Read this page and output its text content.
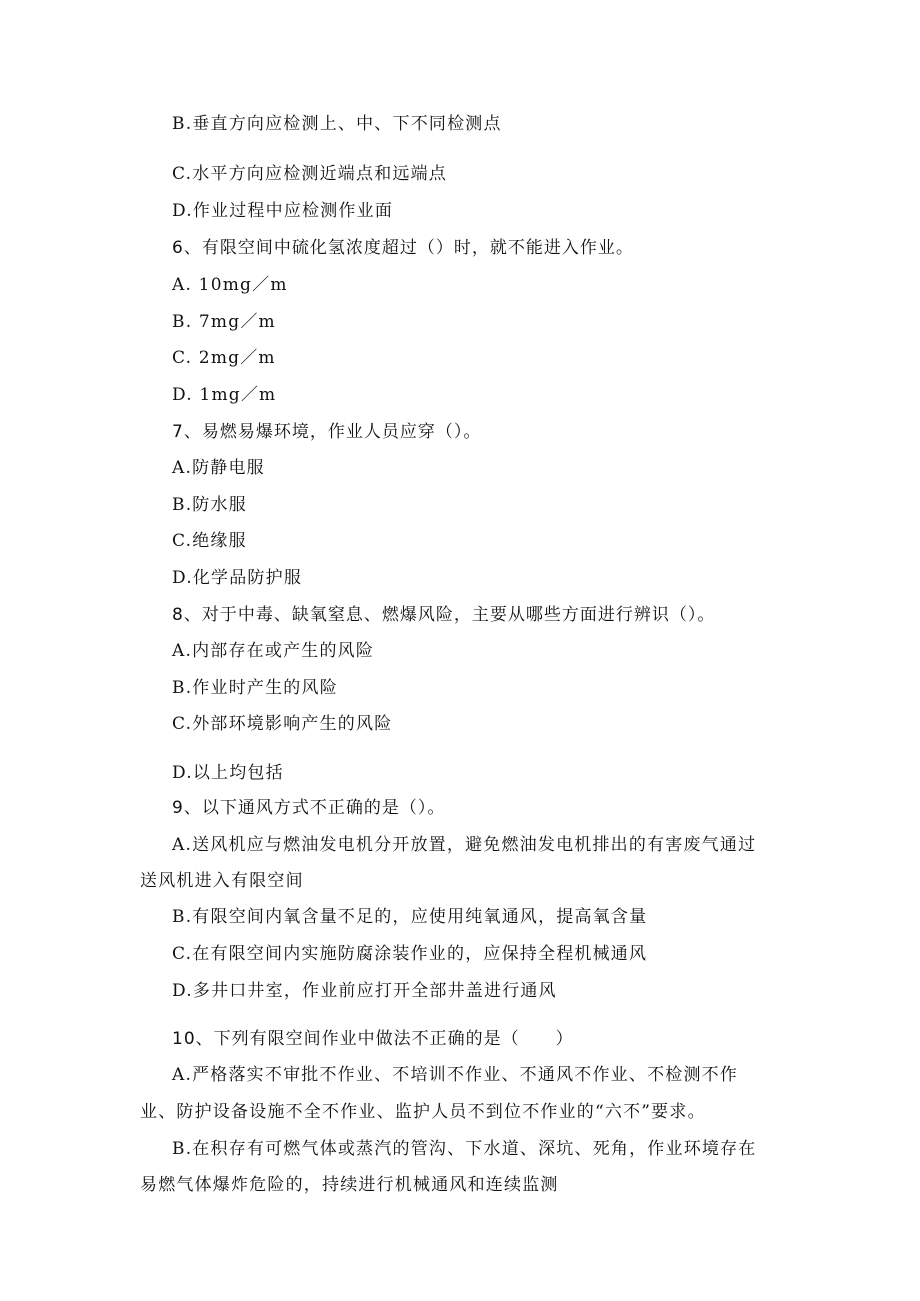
B.垂直方向应检测上、中、下不同检测点
C.水平方向应检测近端点和远端点
D.作业过程中应检测作业面
6、有限空间中硫化氢浓度超过（）时，就不能进入作业。
A. 10mg／m
B. 7mg／m
C. 2mg／m
D. 1mg／m
7、易燃易爆环境，作业人员应穿（）。
A.防静电服
B.防水服
C.绝缘服
D.化学品防护服
8、对于中毒、缺氧窒息、燃爆风险，主要从哪些方面进行辨识（）。
A.内部存在或产生的风险
B.作业时产生的风险
C.外部环境影响产生的风险
D.以上均包括
9、以下通风方式不正确的是（）。
A.送风机应与燃油发电机分开放置，避免燃油发电机排出的有害废气通过
送风机进入有限空间
B.有限空间内氧含量不足的，应使用纯氧通风，提高氧含量
C.在有限空间内实施防腐涂装作业的，应保持全程机械通风
D.多井口井室，作业前应打开全部井盖进行通风
10、下列有限空间作业中做法不正确的是（　　）
A.严格落实不审批不作业、不培训不作业、不通风不作业、不检测不作
业、防护设备设施不全不作业、监护人员不到位不作业的“六不”要求。
B.在积存有可燃气体或蒸汽的管沟、下水道、深坑、死角，作业环境存在
易燃气体爆炸危险的，持续进行机械通风和连续监测
